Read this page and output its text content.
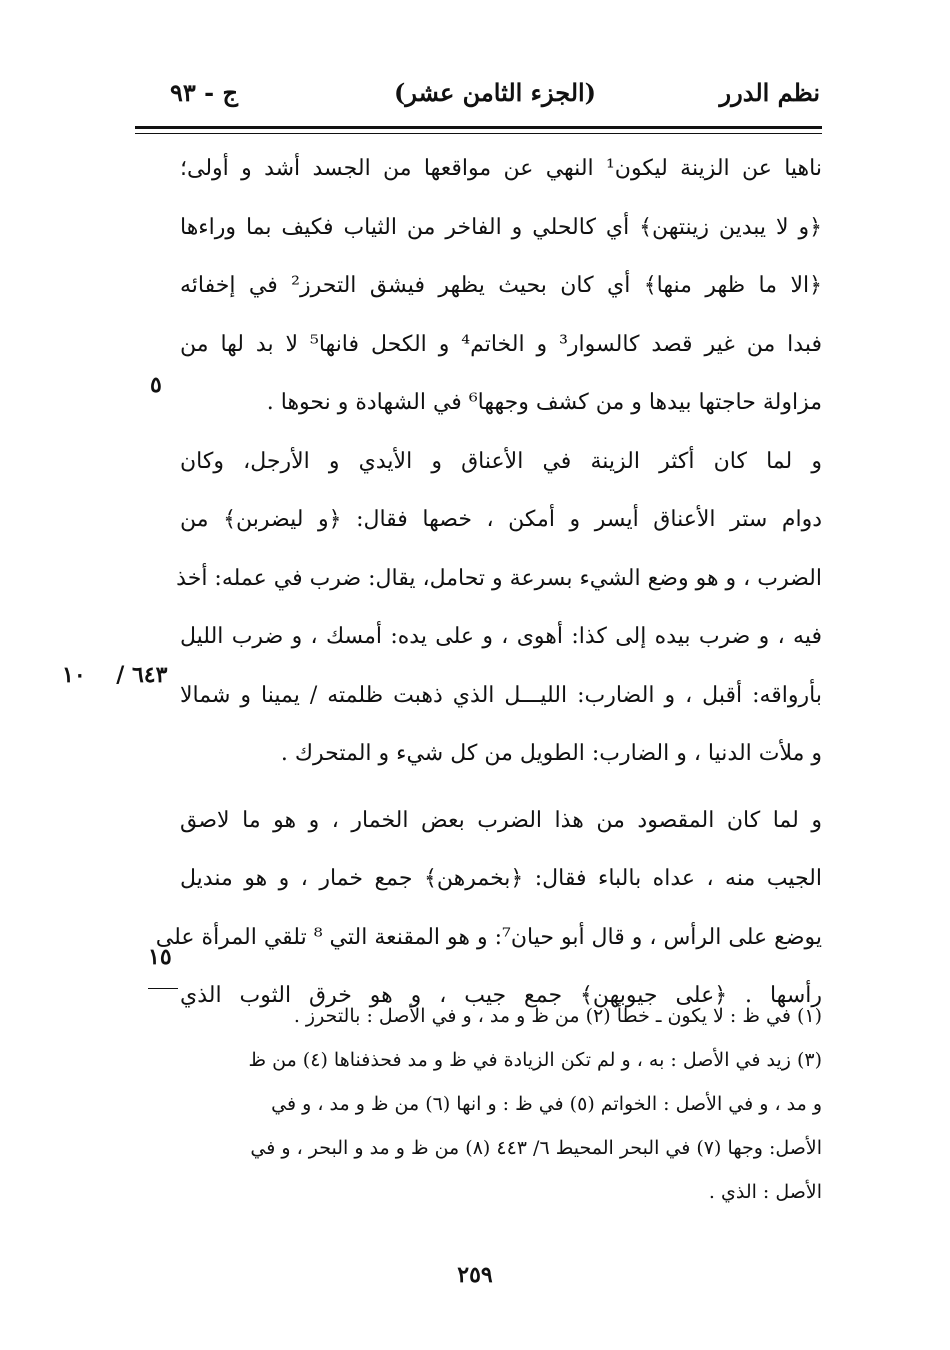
نظم الدرر
(الجزء الثامن عشر)
ج - ٩٣
ناهيا عن الزينة ليكون¹ النهي عن مواقعها من الجسد أشد و أولى؛
﴿و لا يبدين زينتهن﴾ أي كالحلي و الفاخر من الثياب فكيف بما وراءها
﴿الا ما ظهر منها﴾ أي كان بحيث يظهر فيشق التحرز² في إخفائه
فبدا من غير قصد كالسوار³ و الخاتم⁴ و الكحل فانها⁵ لا بد لها من
مزاولة حاجتها بيدها و من كشف وجهها⁶ في الشهادة و نحوها .
و لما كان أكثر الزينة في الأعناق و الأيدي و الأرجل، وكان
دوام ستر الأعناق أيسر و أمكن ، خصها فقال: ﴿و ليضربن﴾ من
الضرب ، و هو وضع الشيء بسرعة و تحامل، يقال: ضرب في عمله: أخذ
فيه ، و ضرب بيده إلى كذا: أهوى ، و على يده: أمسك ، و ضرب الليل
بأرواقه: أقبل ، و الضارب: الليـــل الذي ذهبت ظلمته / يمينا و شمالا
و ملأت الدنيا ، و الضارب: الطويل من كل شيء و المتحرك .
و لما كان المقصود من هذا الضرب بعض الخمار ، و هو ما لاصق
الجيب منه ، عداه بالباء فقال: ﴿بخمرهن﴾ جمع خمار ، و هو منديل
يوضع على الرأس ، و قال أبو حيان⁷: و هو المقنعة التي ⁸ تلقي المرأة على
رأسها . ﴿على جيوبهن﴾ جمع جيب ، و هو خرق الثوب الذي
٥
٦٤٣ /    ١٠
١٥
(١) في ظ : لا يكون ـ خطأ (٢) من ظ و مد ، و في الأصل : بالتحرز .
(٣) زيد في الأصل : به ، و لم تكن الزيادة في ظ و مد فحذفناها (٤) من ظ
و مد ، و في الأصل : الخواتم (٥) في ظ : و انها (٦) من ظ و مد ، و في
الأصل: وجها (٧) في البحر المحيط ٦/ ٤٤٣ (٨) من ظ و مد و البحر ، و في
الأصل : الذي .
٢٥٩
